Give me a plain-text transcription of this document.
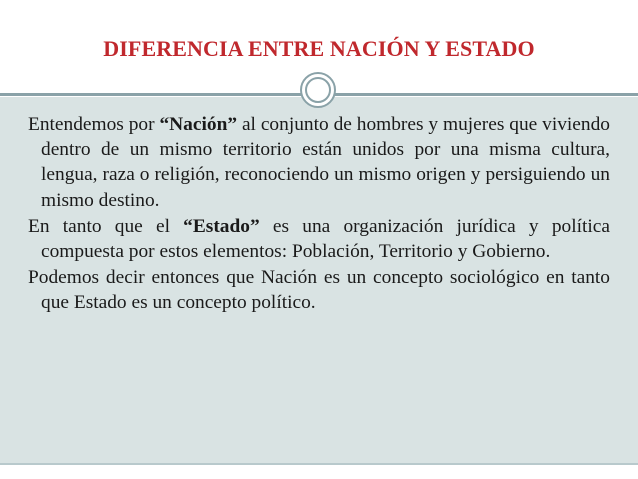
DIFERENCIA ENTRE NACIÓN Y ESTADO

Entendemos por “Nación” al conjunto de hombres y mujeres que viviendo dentro de un mismo territorio están unidos por una misma cultura, lengua, raza o religión, reconociendo un mismo origen y persiguiendo un mismo destino.

En tanto que el “Estado” es una organización jurídica y política compuesta por estos elementos: Población, Territorio y Gobierno.

Podemos decir entonces que Nación es un concepto sociológico en tanto que Estado es un concepto político.
